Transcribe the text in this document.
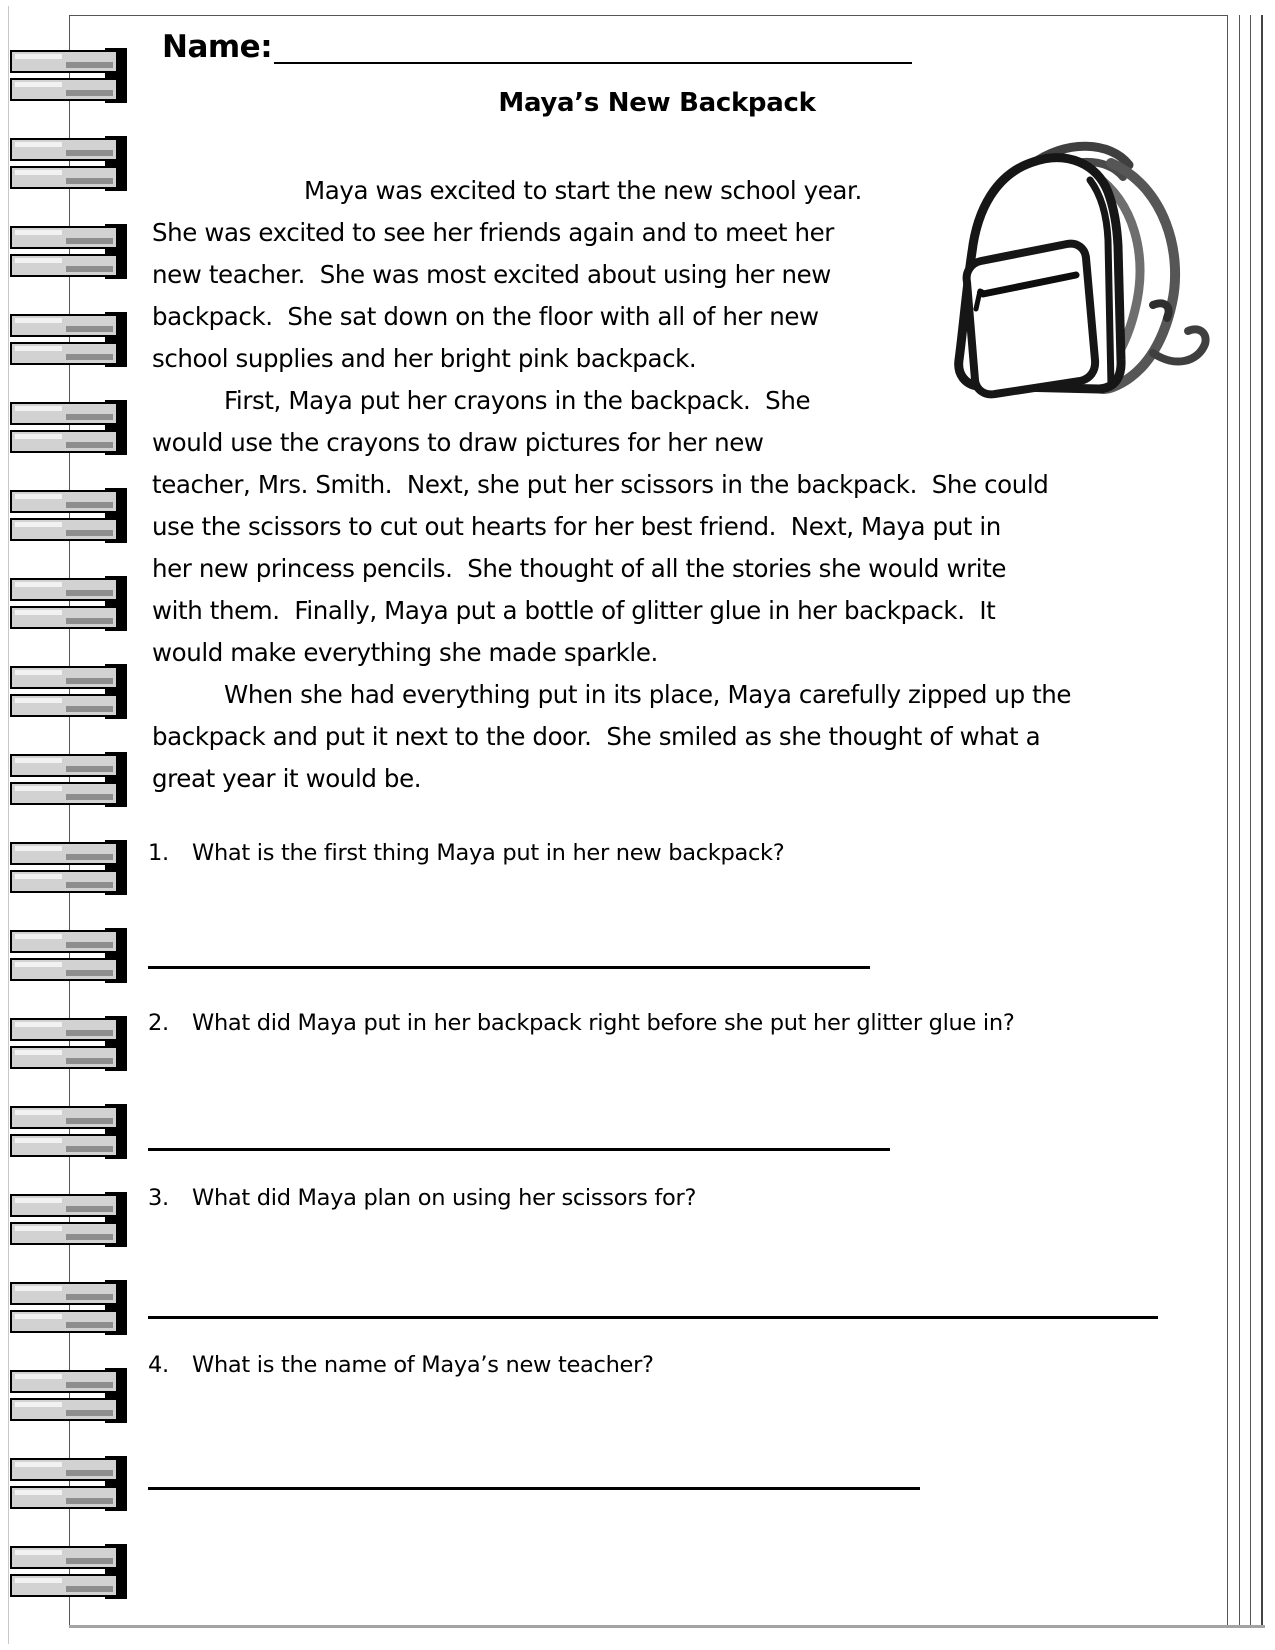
Name:
Maya’s New Backpack
Maya was excited to start the new school year.
She was excited to see her friends again and to meet her
new teacher.  She was most excited about using her new
backpack.  She sat down on the floor with all of her new
school supplies and her bright pink backpack.
First, Maya put her crayons in the backpack.  She
would use the crayons to draw pictures for her new
teacher, Mrs. Smith.  Next, she put her scissors in the backpack.  She could
use the scissors to cut out hearts for her best friend.  Next, Maya put in
her new princess pencils.  She thought of all the stories she would write
with them.  Finally, Maya put a bottle of glitter glue in her backpack.  It
would make everything she made sparkle.
When she had everything put in its place, Maya carefully zipped up the
backpack and put it next to the door.  She smiled as she thought of what a
great year it would be.
1.	What is the first thing Maya put in her new backpack?
2.	What did Maya put in her backpack right before she put her glitter glue in?
3.	What did Maya plan on using her scissors for?
4.	What is the name of Maya’s new teacher?
